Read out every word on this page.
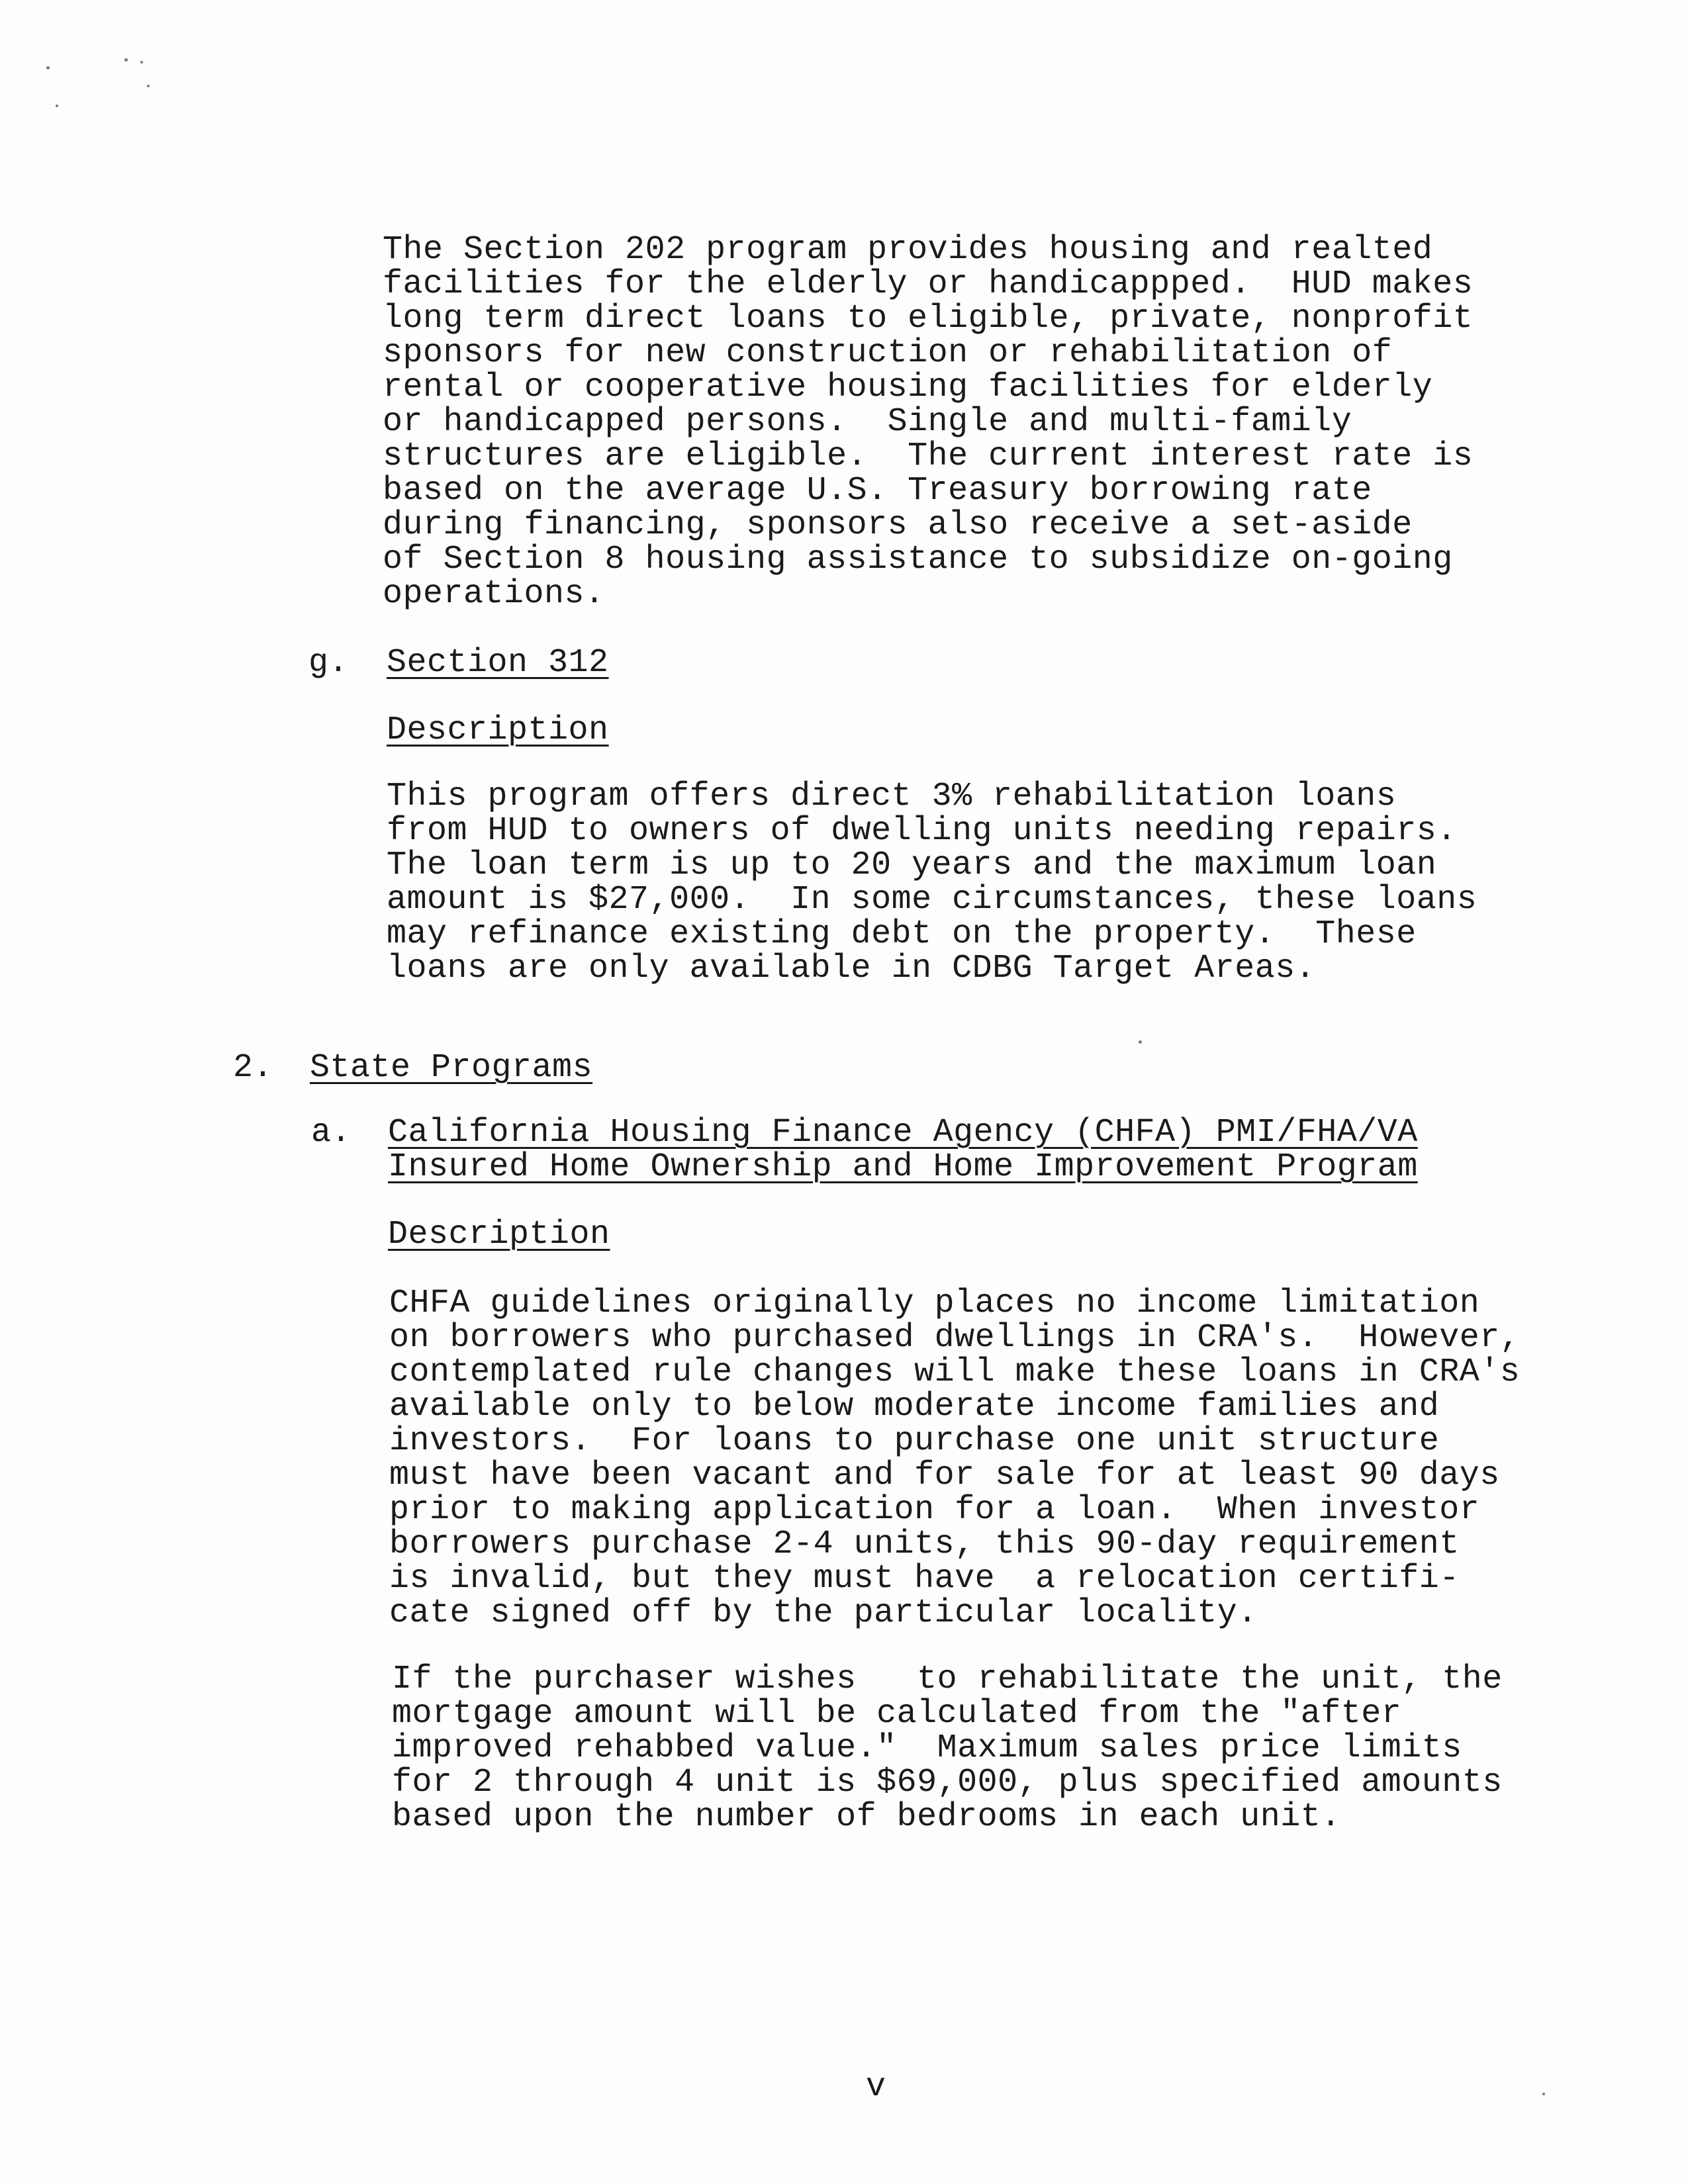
The Section 202 program provides housing and realted
facilities for the elderly or handicappped.  HUD makes
long term direct loans to eligible, private, nonprofit
sponsors for new construction or rehabilitation of
rental or cooperative housing facilities for elderly
or handicapped persons.  Single and multi-family
structures are eligible.  The current interest rate is
based on the average U.S. Treasury borrowing rate
during financing, sponsors also receive a set-aside
of Section 8 housing assistance to subsidize on-going
operations.
g. Section 312
Description
This program offers direct 3% rehabilitation loans
from HUD to owners of dwelling units needing repairs.
The loan term is up to 20 years and the maximum loan
amount is $27,000.  In some circumstances, these loans
may refinance existing debt on the property.  These
loans are only available in CDBG Target Areas.
2. State Programs
a. California Housing Finance Agency (CHFA) PMI/FHA/VA
Insured Home Ownership and Home Improvement Program
Description
CHFA guidelines originally places no income limitation
on borrowers who purchased dwellings in CRA's.  However,
contemplated rule changes will make these loans in CRA's
available only to below moderate income families and
investors.  For loans to purchase one unit structure
must have been vacant and for sale for at least 90 days
prior to making application for a loan.  When investor
borrowers purchase 2-4 units, this 90-day requirement
is invalid, but they must have  a relocation certifi-
cate signed off by the particular locality.
If the purchaser wishes   to rehabilitate the unit, the
mortgage amount will be calculated from the "after
improved rehabbed value."  Maximum sales price limits
for 2 through 4 unit is $69,000, plus specified amounts
based upon the number of bedrooms in each unit.
v
